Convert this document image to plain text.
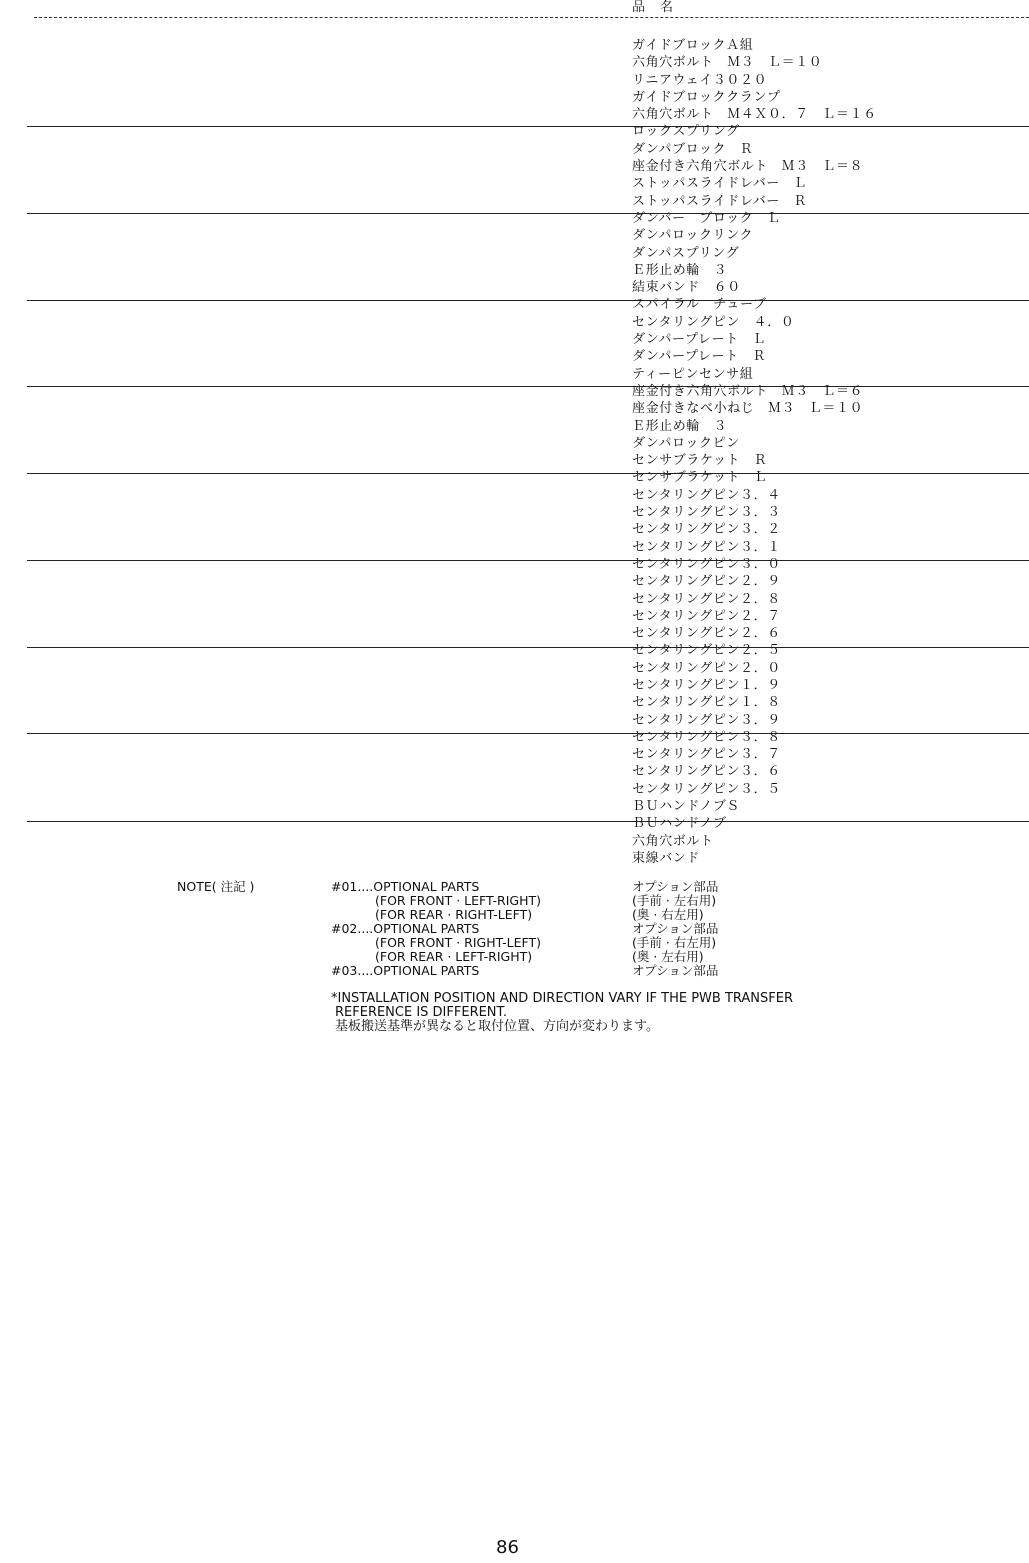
品　名
ガイドブロックＡ組
六角穴ボルト　Ｍ３　Ｌ＝１０
リニアウェイ３０２０
ガイドブロッククランプ
六角穴ボルト　Ｍ４Ｘ０．７　Ｌ＝１６
ロックスプリング
ダンパブロック　Ｒ
座金付き六角穴ボルト　Ｍ３　Ｌ＝８
ストッパスライドレバー　Ｌ
ストッパスライドレバー　Ｒ
ダンパー　ブロック　Ｌ
ダンパロックリンク
ダンパスプリング
Ｅ形止め輪　３
結束バンド　６０
スパイラル　チューブ
センタリングピン　４．０
ダンパープレート　Ｌ
ダンパープレート　Ｒ
ティーピンセンサ組
座金付き六角穴ボルト　Ｍ３　Ｌ＝６
座金付きなべ小ねじ　Ｍ３　Ｌ＝１０
Ｅ形止め輪　３
ダンパロックピン
センサブラケット　Ｒ
センサブラケット　Ｌ
センタリングピン３．４
センタリングピン３．３
センタリングピン３．２
センタリングピン３．１
センタリングピン３．０
センタリングピン２．９
センタリングピン２．８
センタリングピン２．７
センタリングピン２．６
センタリングピン２．５
センタリングピン２．０
センタリングピン１．９
センタリングピン１．８
センタリングピン３．９
センタリングピン３．８
センタリングピン３．７
センタリングピン３．６
センタリングピン３．５
ＢＵハンドノブＳ
ＢＵハンドノブ
六角穴ボルト
束線バンド
NOTE( 注記 )	#01....OPTIONAL PARTS	オプション部品
(FOR FRONT · LEFT-RIGHT)	(手前 · 左右用)
(FOR REAR · RIGHT-LEFT)	(奥 · 右左用)
#02....OPTIONAL PARTS	オプション部品
(FOR FRONT · RIGHT-LEFT)	(手前 · 右左用)
(FOR REAR · LEFT-RIGHT)	(奥 · 左右用)
#03....OPTIONAL PARTS	オプション部品
*INSTALLATION POSITION AND DIRECTION VARY IF THE PWB TRANSFER
REFERENCE IS DIFFERENT.
基板搬送基準が異なると取付位置、方向が変わります。
86
